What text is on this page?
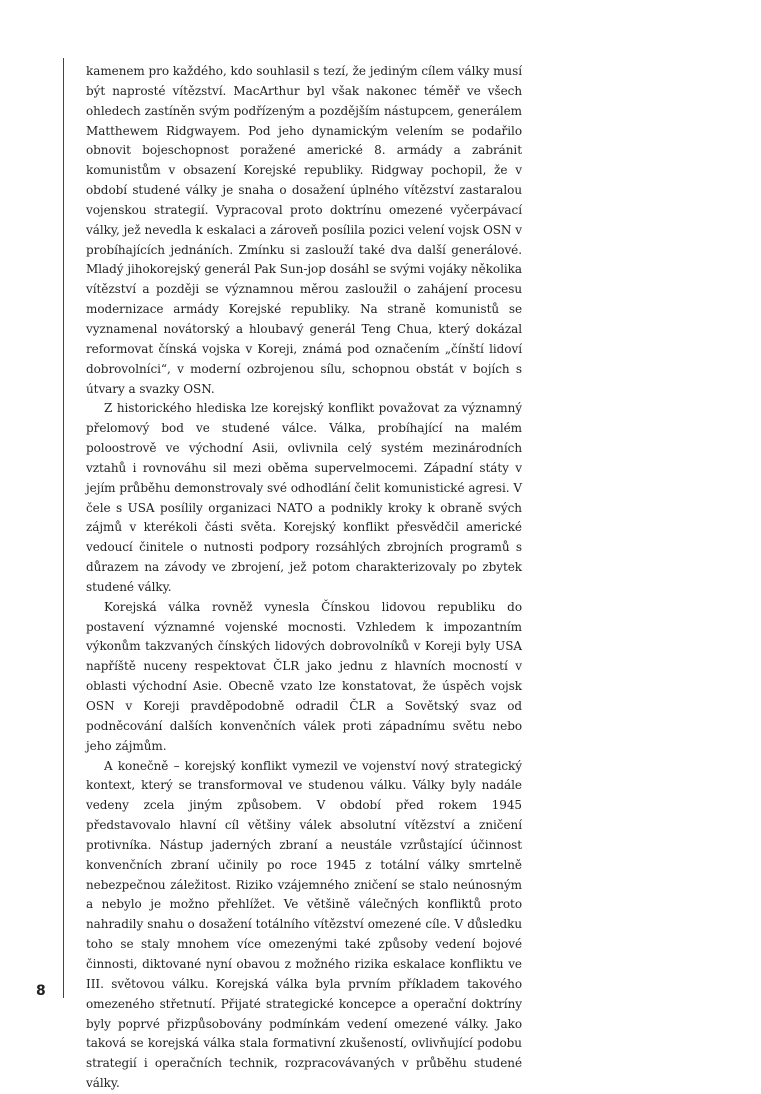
kamenem pro každého, kdo souhlasil s tezí, že jediným cílem války musí být naprosté vítězství. MacArthur byl však nakonec téměř ve všech ohledech zastíněn svým podřízeným a pozdějším nástupcem, generálem Matthewem Ridgwayem. Pod jeho dynamickým velením se podařilo obnovit bojeschopnost poražené americké 8. armády a zabránit komunistům v obsazení Korejské republiky. Ridgway pochopil, že v období studené války je snaha o dosažení úplného vítězství zastaralou vojenskou strategií. Vypracoval proto doktrínu omezené vyčerpávací války, jež nevedla k eskalaci a zároveň posílila pozici velení vojsk OSN v probíhajících jednáních. Zmínku si zaslouží také dva další generálové. Mladý jihokorejský generál Pak Sun-jop dosáhl se svými vojáky několika vítězství a později se významnou měrou zasloužil o zahájení procesu modernizace armády Korejské republiky. Na straně komunistů se vyznamenal novátorský a hloubavý generál Teng Chua, který dokázal reformovat čínská vojska v Koreji, známá pod označením „čínští lidoví dobrovolníci“, v moderní ozbrojenou sílu, schopnou obstát v bojích s útvary a svazky OSN.

Z historického hlediska lze korejský konflikt považovat za významný přelomový bod ve studené válce. Válka, probíhající na malém poloostrově ve východní Asii, ovlivnila celý systém mezinárodních vztahů i rovnováhu sil mezi oběma supervelmocemi. Západní státy v jejím průběhu demonstrovaly své odhodlání čelit komunistické agresi. V čele s USA posílily organizaci NATO a podnikly kroky k obraně svých zájmů v kterékoli části světa. Korejský konflikt přesvědčil americké vedoucí činitele o nutnosti podpory rozsáhlých zbrojních programů s důrazem na závody ve zbrojení, jež potom charakterizovaly po zbytek studené války.

Korejská válka rovněž vynesla Čínskou lidovou republiku do postavení významné vojenské mocnosti. Vzhledem k impozantním výkonům takzvaných čínských lidových dobrovolníků v Koreji byly USA napříště nuceny respektovat ČLR jako jednu z hlavních mocností v oblasti východní Asie. Obecně vzato lze konstatovat, že úspěch vojsk OSN v Koreji pravděpodobně odradil ČLR a Sovětský svaz od podněcování dalších konvenčních válek proti západnímu světu nebo jeho zájmům.

A konečně – korejský konflikt vymezil ve vojenství nový strategický kontext, který se transformoval ve studenou válku. Války byly nadále vedeny zcela jiným způsobem. V období před rokem 1945 představovalo hlavní cíl většiny válek absolutní vítězství a zničení protivníka. Nástup jaderných zbraní a neustále vzrůstající účinnost konvenčních zbraní učinily po roce 1945 z totální války smrtelně nebezpečnou záležitost. Riziko vzájemného zničení se stalo neúnosným a nebylo je možno přehlížet. Ve většině válečných konfliktů proto nahradily snahu o dosažení totálního vítězství omezené cíle. V důsledku toho se staly mnohem více omezenými také způsoby vedení bojové činnosti, diktované nyní obavou z možného rizika eskalace konfliktu ve III. světovou válku. Korejská válka byla prvním příkladem takového omezeného střetnutí. Přijaté strategické koncepce a operační doktríny byly poprvé přizpůsobovány podmínkám vedení omezené války. Jako taková se korejská válka stala formativní zkušeností, ovlivňující podobu strategií i operačních technik, rozpracovávaných v průběhu studené války.

8
